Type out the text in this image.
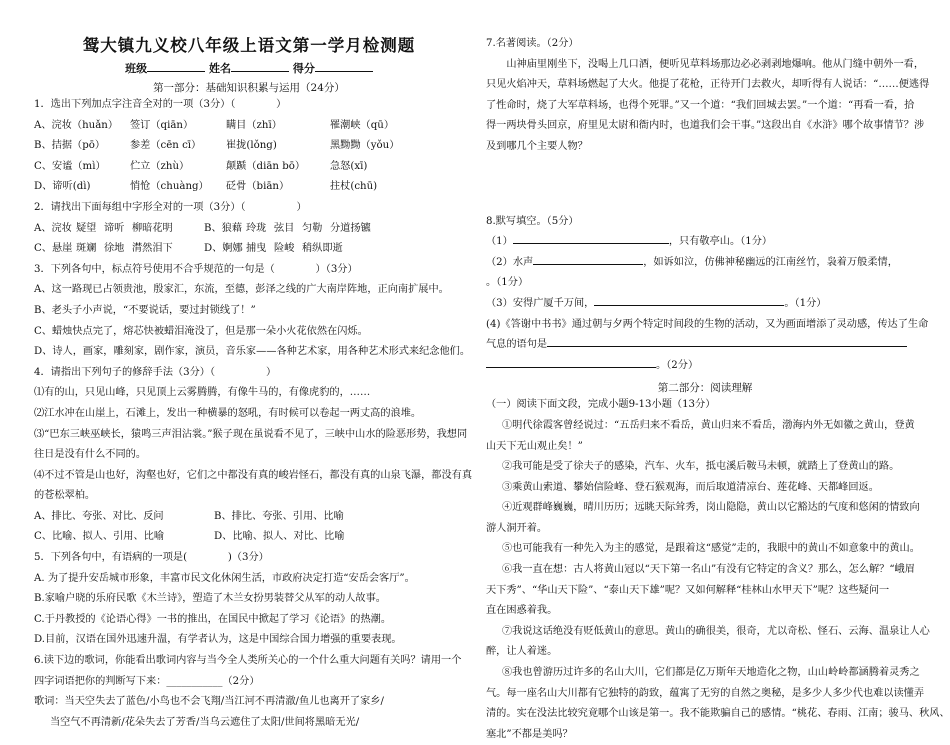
鸳大镇九义校八年级上语文第一学月检测题
班级	姓名	得分
第一部分：基础知识积累与运用（24分）
1．选出下列加点字注音全对的一项（3分）（　　　　）
A、浣妆（huǎn） 签订（qiān）	瞒目（zhī）	罹潮峡（qū）
B、拮据（pō） 参差（cēn cī） 崔拢(lǒng)	黑黝黝（yǒu）
C、安谧（mì） 伫立（zhù）	颠踬（diān bō） 急怒(xī)
D、谛听(dì)	悄怆（chuàng） 砭骨（biān）	拄杖(chū)
2．请找出下面每组中字形全对的一项（3分）（　　　　　）
A、浣妆 疑望 谛听 柳暗花明	B、狼藉 玲珑 弦目 匀勒 分道扬镳
C、悬崖 斑斓 徐地 潸然泪下	D、婀娜 捕曳 险峻 稍纵即逝
3．下列各句中，标点符号使用不合乎规范的一句是（　　　　）（3分）
A、这一路现已占领贵池，殷家汇，东流，至德，彭泽之线的广大南岸阵地，正向南扩展中。
B、老头子小声说，“不要说话，要过封锁线了！”
C、蜡烛快点完了，熔芯快被蜡泪淹没了，但是那一朵小火花依然在闪烁。
D、诗人，画家，雕刻家，剧作家，演员，音乐家——各种艺术家，用各种艺术形式来纪念他们。
4．请指出下列句子的修辞手法（3分）（　　　　　）
⑴有的山，只见山峰，只见顶上云雾腾腾，有像牛马的，有像虎豹的，……
⑵江水冲在山崖上，石滩上，发出一种横暴的怒吼，有时候可以卷起一两丈高的浪堆。
⑶“巴东三峡巫峡长，猿鸣三声泪沾裳。”猴子现在虽说看不见了，三峡中山水的险恶形势，我想同
往日是没有什么不同的。
⑷不过不管是山也好，沟壑也好，它们之中都没有真的峻岩怪石，都没有真的山泉飞瀑，都没有真
的苍松翠柏。
A、排比、夸张、对比、反问	B、排比、夸张、引用、比喻
C、比喻、拟人、引用、比喻	D、比喻、拟人、对比、比喻
5．下列各句中，有语病的一项是(　　　　)（3分）
A. 为了提升安岳城市形象，丰富市民文化休闲生活，市政府决定打造“安岳会客厅”。
B.家喻户晓的乐府民歌《木兰诗》，塑造了木兰女扮男装替父从军的动人故事。
C.于丹教授的《论语心得》一书的推出，在国民中掀起了学习《论语》的热潮。
D.目前，汉语在国外迅速升温，有学者认为，这是中国综合国力增强的重要表现。
6.读下边的歌词，你能看出歌词内容与当今全人类所关心的一个什么重大问题有关吗？请用一个
四字词语把你的判断写下来：___________（2分）
歌词：当天空失去了蓝色/小鸟也不会飞翔/当江河不再清澈/鱼儿也离开了家乡/
当空气不再清新/花朵失去了芳香/当乌云遮住了太阳/世间将黑暗无光/
7.名著阅读。（2分）
　　山神庙里刚坐下，没喝上几口酒，便听见草料场那边必必剥剥地爆响。他从门缝中朝外一看，
只见火焰冲天，草料场燃起了大火。他提了花枪，正待开门去救火，却听得有人说话：“……便逃得
了性命时，烧了大军草料场，也得个死罪。”又一个道：“我们回城去罢。”一个道：“再看一看，拾
得一两块骨头回京，府里见太尉和衙内时，也道我们会干事。”这段出自《水浒》哪个故事情节？涉
及到哪几个主要人物？
8.默写填空。（5分）
（1）	，只有敬亭山。（1分）
（2）水声	，如诉如泣，仿佛神秘幽远的江南丝竹，袅着万般柔情，
。（1分）
（3）安得广厦千万间，	。（1分）
(4)《答谢中书书》通过朝与夕两个特定时间段的生物的活动，又为画面增添了灵动感，传达了生命
气息的语句是
。（2分）
第二部分：阅读理解
（一）阅读下面文段，完成小题9-13小题（13分）
①明代徐霞客曾经说过：“五岳归来不看岳，黄山归来不看岳，渤海内外无如徽之黄山，登黄
山天下无山观止矣！”
②我可能是受了徐夫子的感染，汽车、火车，抵屯溪后鞍马未顿，就踏上了登黄山的路。
③乘黄山索道、攀始信险峰、登石猴观海，而后取道清凉台、莲花峰、天都峰回返。
④近观群峰巍巍，晴川历历；远眺天际耸秀，岗山隐隐，黄山以它豁达的气度和悠闲的情致向
游人洞开着。
⑤也可能我有一种先入为主的感觉，是跟着这“感觉”走的，我眼中的黄山不如意象中的黄山。
⑥我一直在想：古人将黄山冠以“天下第一名山”有没有它特定的含义？那么，怎么解？“峨眉
天下秀”、“华山天下险”、“泰山天下雄”呢？又如何解释“桂林山水甲天下”呢？这些疑问一
直在困惑着我。
⑦我说这话绝没有贬低黄山的意思。黄山的确很美，很奇，尤以奇松、怪石、云海、温泉让人心
醉，让人着迷。
⑧我也曾游历过许多的名山大川，它们都是亿万斯年天地造化之物，山山岭岭都涵腾着灵秀之
气。每一座名山大川都有它独特的韵致，蕴寓了无穷的自然之奥秘，是多少人多少代也难以读懂弄
清的。实在没法比较究竟哪个山该是第一。我不能欺骗自己的感情。“桃花、春雨、江南；骏马、秋风、
塞北”不都是美吗？
